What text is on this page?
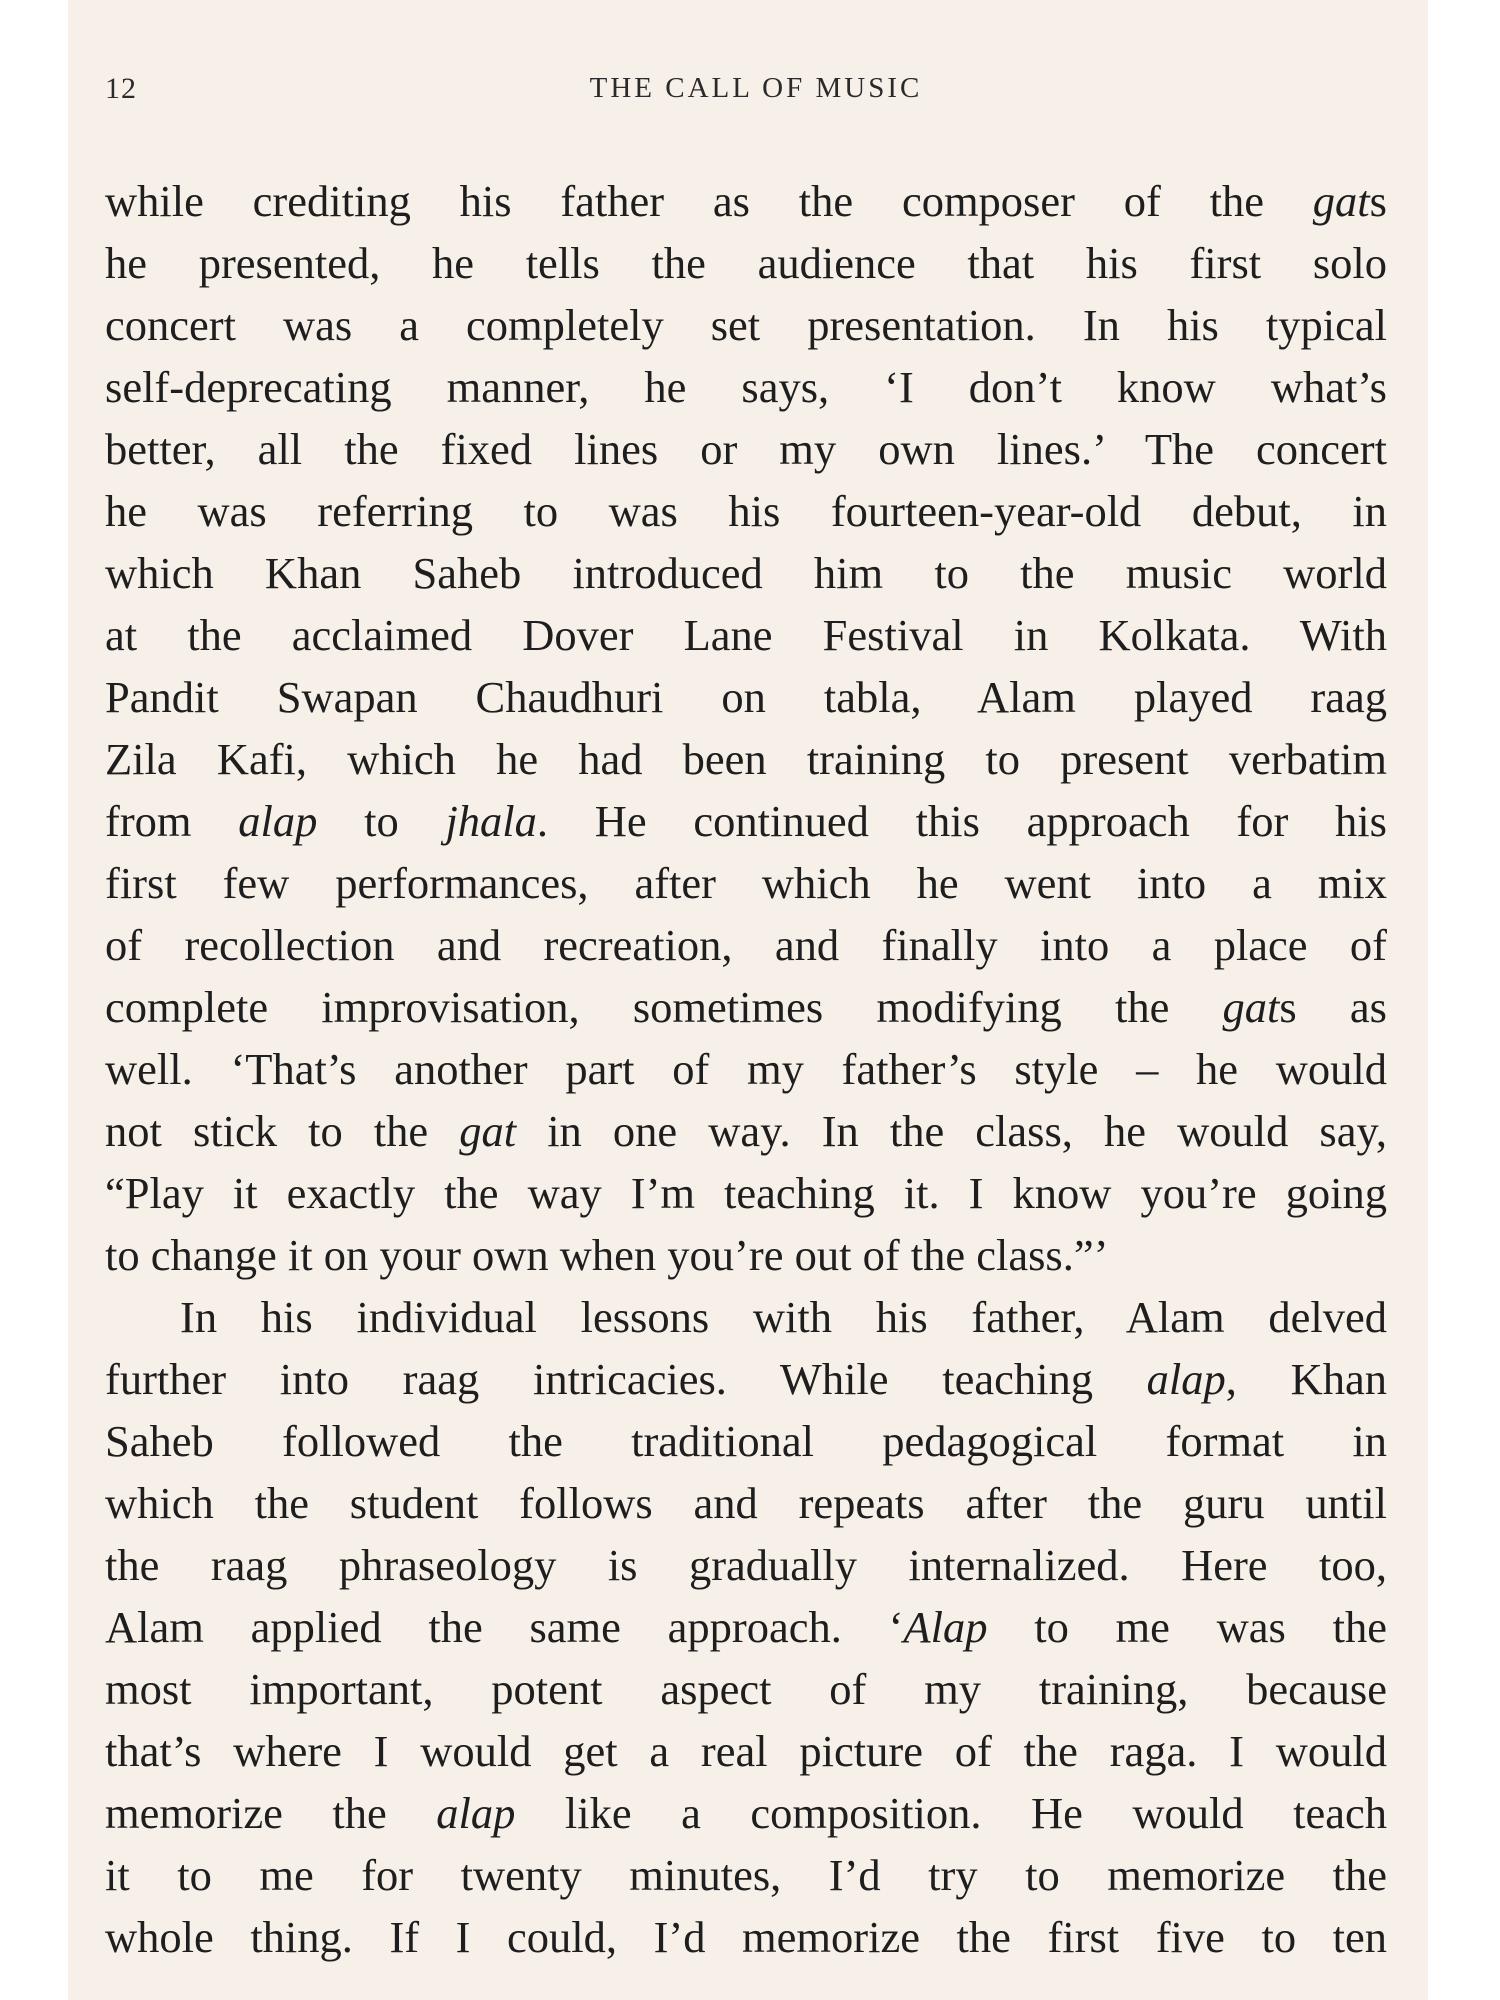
12	THE CALL OF MUSIC
while crediting his father as the composer of the gats
he presented, he tells the audience that his first solo
concert was a completely set presentation. In his typical
self-deprecating manner, he says, ‘I don’t know what’s
better, all the fixed lines or my own lines.’ The concert
he was referring to was his fourteen-year-old debut, in
which Khan Saheb introduced him to the music world
at the acclaimed Dover Lane Festival in Kolkata. With
Pandit Swapan Chaudhuri on tabla, Alam played raag
Zila Kafi, which he had been training to present verbatim
from alap to jhala. He continued this approach for his
first few performances, after which he went into a mix
of recollection and recreation, and finally into a place of
complete improvisation, sometimes modifying the gats as
well. ‘That’s another part of my father’s style – he would
not stick to the gat in one way. In the class, he would say,
“Play it exactly the way I’m teaching it. I know you’re going
to change it on your own when you’re out of the class.”’
In his individual lessons with his father, Alam delved
further into raag intricacies. While teaching alap, Khan
Saheb followed the traditional pedagogical format in
which the student follows and repeats after the guru until
the raag phraseology is gradually internalized. Here too,
Alam applied the same approach. ‘Alap to me was the
most important, potent aspect of my training, because
that’s where I would get a real picture of the raga. I would
memorize the alap like a composition. He would teach
it to me for twenty minutes, I’d try to memorize the
whole thing. If I could, I’d memorize the first five to ten
